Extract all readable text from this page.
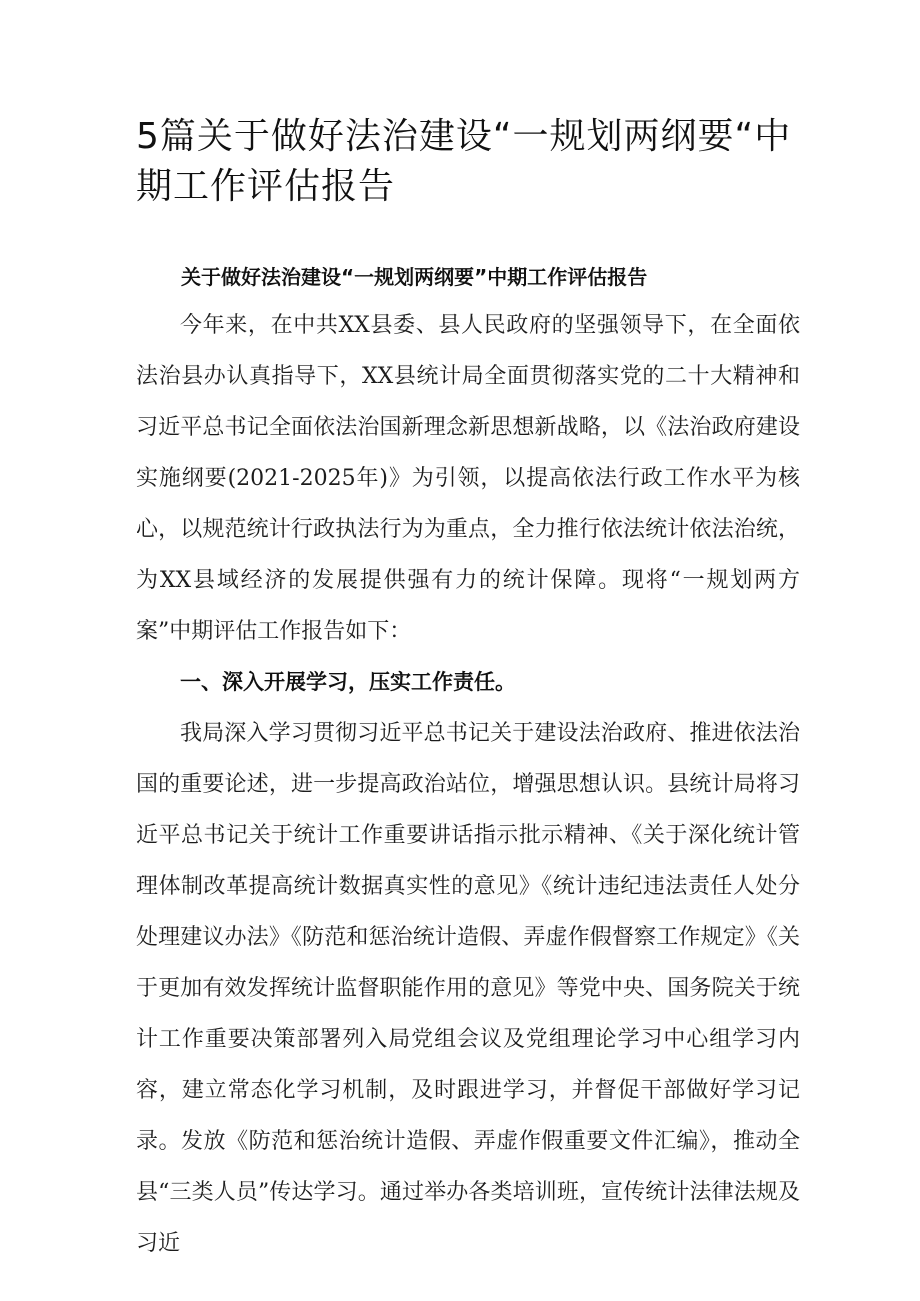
5篇关于做好法治建设“一规划两纲要“中期工作评估报告
关于做好法治建设“一规划两纲要”中期工作评估报告

今年来，在中共XX县委、县人民政府的坚强领导下，在全面依法治县办认真指导下，XX县统计局全面贯彻落实党的二十大精神和习近平总书记全面依法治国新理念新思想新战略，以《法治政府建设实施纲要(2021-2025年)》为引领，以提高依法行政工作水平为核心，以规范统计行政执法行为为重点，全力推行依法统计依法治统，为XX县域经济的发展提供强有力的统计保障。现将“一规划两方案”中期评估工作报告如下：

一、深入开展学习，压实工作责任。

我局深入学习贯彻习近平总书记关于建设法治政府、推进依法治国的重要论述，进一步提高政治站位，增强思想认识。县统计局将习近平总书记关于统计工作重要讲话指示批示精神、《关于深化统计管理体制改革提高统计数据真实性的意见》《统计违纪违法责任人处分处理建议办法》《防范和惩治统计造假、弄虚作假督察工作规定》《关于更加有效发挥统计监督职能作用的意见》等党中央、国务院关于统计工作重要决策部署列入局党组会议及党组理论学习中心组学习内容，建立常态化学习机制，及时跟进学习，并督促干部做好学习记录。发放《防范和惩治统计造假、弄虚作假重要文件汇编》，推动全县“三类人员”传达学习。通过举办各类培训班，宣传统计法律法规及习近
